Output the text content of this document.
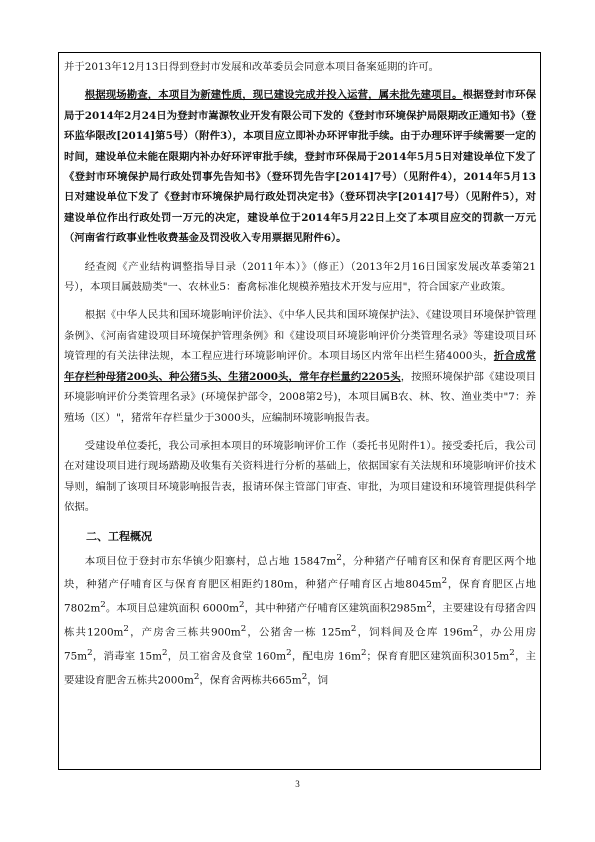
并于2013年12月13日得到登封市发展和改革委员会同意本项目备案延期的许可。

根据现场勘查，本项目为新建性质，现已建设完成并投入运营，属未批先建项目。根据登封市环保局于2014年2月24日为登封市嵩源牧业开发有限公司下发的《登封市环境保护局限期改正通知书》（登环监华限改[2014]第5号）（附件3），本项目应立即补办环评审批手续。由于办理环评手续需要一定的时间，建设单位未能在限期内补办好环评审批手续，登封市环保局于2014年5月5日对建设单位下发了《登封市环境保护局行政处罚事先告知书》（登环罚先告字[2014]7号）（见附件4），2014年5月13日对建设单位下发了《登封市环境保护局行政处罚决定书》（登环罚决字[2014]7号）（见附件5），对建设单位作出行政处罚一万元的决定，建设单位于2014年5月22日上交了本项目应交的罚款一万元（河南省行政事业性收费基金及罚没收入专用票据见附件6）。

经查阅《产业结构调整指导目录（2011年本）》（修正）（2013年2月16日国家发展改革委第21号），本项目属鼓励类"一、农林业5：畜禽标准化规模养殖技术开发与应用"，符合国家产业政策。

根据《中华人民共和国环境影响评价法》、《中华人民共和国环境保护法》、《建设项目环境保护管理条例》、《河南省建设项目环境保护管理条例》和《建设项目环境影响评价分类管理名录》等建设项目环境管理的有关法律法规，本工程应进行环境影响评价。本项目场区内常年出栏生猪4000头，折合成常年存栏种母猪200头、种公猪5头、生猪2000头，常年存栏量约2205头，按照环境保护部《建设项目环境影响评价分类管理名录》(环境保护部令，2008第2号)，本项目属B农、林、牧、渔业类中"7：养殖场（区）"，猪常年存栏量少于3000头，应编制环境影响报告表。

受建设单位委托，我公司承担本项目的环境影响评价工作（委托书见附件1）。接受委托后，我公司在对建设项目进行现场踏勘及收集有关资料进行分析的基础上，依据国家有关法规和环境影响评价技术导则，编制了该项目环境影响报告表，报请环保主管部门审查、审批，为项目建设和环境管理提供科学依据。

二、工程概况

本项目位于登封市东华镇少阳寨村，总占地 $15847m^2$，分种猪产仔哺育区和保育育肥区两个地块，种猪产仔哺育区与保育育肥区相距约180m，种猪产仔哺育区占地$8045m^2$，保育育肥区占地 $7802m^2$。本项目总建筑面积 $6000m^2$，其中种猪产仔哺育区建筑面积$2985m^2$，主要建设有母猪舍四栋共$1200m^2$，产房舍三栋共$900m^2$，公猪舍一栋 $125m^2$，饲料间及仓库 $196m^2$，办公用房 $75m^2$，消毒室 $15m^2$，员工宿舍及食堂 $160m^2$，配电房 $16m^2$；保育育肥区建筑面积$3015m^2$，主要建设育肥舍五栋共$2000m^2$，保育舍两栋共$665m^2$，饲

3
